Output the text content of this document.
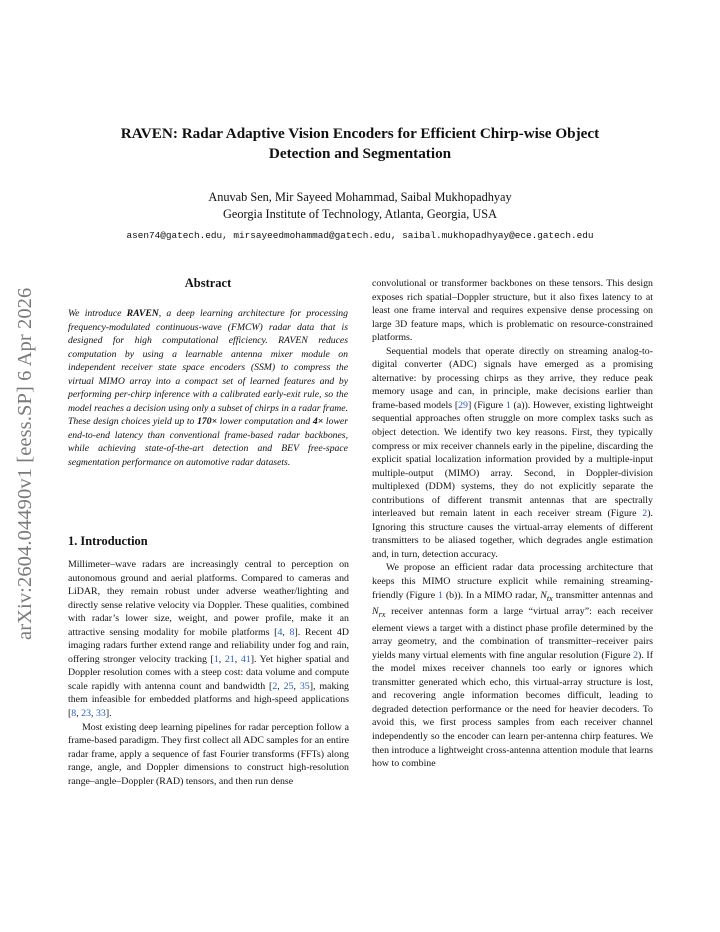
arXiv:2604.04490v1 [eess.SP] 6 Apr 2026
RAVEN: Radar Adaptive Vision Encoders for Efficient Chirp-wise Object
Detection and Segmentation
Anuvab Sen, Mir Sayeed Mohammad, Saibal Mukhopadhyay
Georgia Institute of Technology, Atlanta, Georgia, USA
asen74@gatech.edu, mirsayeedmohammad@gatech.edu, saibal.mukhopadhyay@ece.gatech.edu
Abstract
We introduce RAVEN, a deep learning architecture for processing frequency-modulated continuous-wave (FMCW) radar data that is designed for high computational efficiency. RAVEN reduces computation by using a learnable antenna mixer module on independent receiver state space encoders (SSM) to compress the virtual MIMO array into a compact set of learned features and by performing per-chirp inference with a calibrated early-exit rule, so the model reaches a decision using only a subset of chirps in a radar frame. These design choices yield up to 170× lower computation and 4× lower end-to-end latency than conventional frame-based radar backbones, while achieving state-of-the-art detection and BEV free-space segmentation performance on automotive radar datasets.
1. Introduction

Millimeter–wave radars are increasingly central to perception on autonomous ground and aerial platforms. Compared to cameras and LiDAR, they remain robust under adverse weather/lighting and directly sense relative velocity via Doppler. These qualities, combined with radar’s lower size, weight, and power profile, make it an attractive sensing modality for mobile platforms [4, 8]. Recent 4D imaging radars further extend range and reliability under fog and rain, offering stronger velocity tracking [1, 21, 41]. Yet higher spatial and Doppler resolution comes with a steep cost: data volume and compute scale rapidly with antenna count and bandwidth [2, 25, 35], making them infeasible for embedded platforms and high-speed applications [8, 23, 33].

Most existing deep learning pipelines for radar perception follow a frame-based paradigm. They first collect all ADC samples for an entire radar frame, apply a sequence of fast Fourier transforms (FFTs) along range, angle, and Doppler dimensions to construct high-resolution range–angle–Doppler (RAD) tensors, and then run dense

convolutional or transformer backbones on these tensors. This design exposes rich spatial–Doppler structure, but it also fixes latency to at least one frame interval and requires expensive dense processing on large 3D feature maps, which is problematic on resource-constrained platforms.

Sequential models that operate directly on streaming analog-to-digital converter (ADC) signals have emerged as a promising alternative: by processing chirps as they arrive, they reduce peak memory usage and can, in principle, make decisions earlier than frame-based models [29] (Figure 1 (a)). However, existing lightweight sequential approaches often struggle on more complex tasks such as object detection. We identify two key reasons. First, they typically compress or mix receiver channels early in the pipeline, discarding the explicit spatial localization information provided by a multiple-input multiple-output (MIMO) array. Second, in Doppler-division multiplexed (DDM) systems, they do not explicitly separate the contributions of different transmit antennas that are spectrally interleaved but remain latent in each receiver stream (Figure 2). Ignoring this structure causes the virtual-array elements of different transmitters to be aliased together, which degrades angle estimation and, in turn, detection accuracy.

We propose an efficient radar data processing architecture that keeps this MIMO structure explicit while remaining streaming-friendly (Figure 1 (b)). In a MIMO radar, $N_{tx}$ transmitter antennas and $N_{rx}$ receiver antennas form a large “virtual array”: each receiver element views a target with a distinct phase profile determined by the array geometry, and the combination of transmitter–receiver pairs yields many virtual elements with fine angular resolution (Figure 2). If the model mixes receiver channels too early or ignores which transmitter generated which echo, this virtual-array structure is lost, and recovering angle information becomes difficult, leading to degraded detection performance or the need for heavier decoders. To avoid this, we first process samples from each receiver channel independently so the encoder can learn per-antenna chirp features. We then introduce a lightweight cross-antenna attention module that learns how to combine
